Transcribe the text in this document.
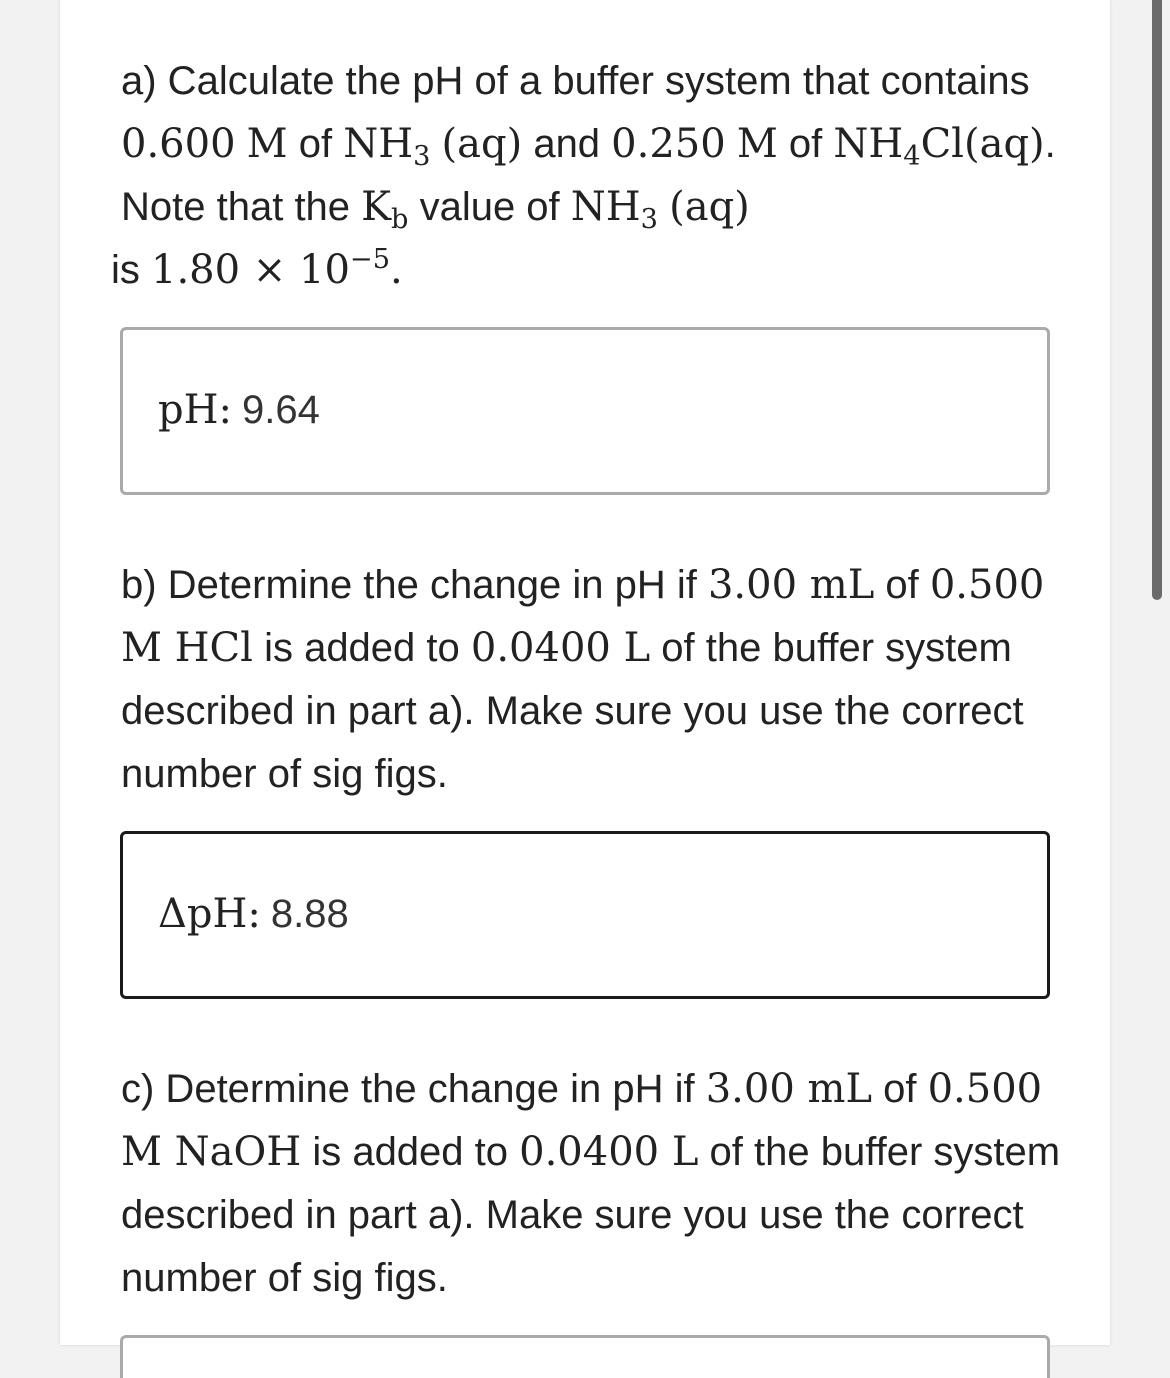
a) Calculate the pH of a buffer system that contains 0.600 M of $NH_3$ (aq) and 0.250 M of $NH_4Cl(aq)$. Note that the $K_b$ value of $NH_3$ (aq)
is $1.80 \times 10^{-5}$.

pH: 9.64

b) Determine the change in pH if 3.00 mL of 0.500 M HCl is added to 0.0400 L of the buffer system described in part a). Make sure you use the correct number of sig figs.

ΔpH: 8.88

c) Determine the change in pH if 3.00 mL of 0.500 M NaOH is added to 0.0400 L of the buffer system described in part a). Make sure you use the correct number of sig figs.
